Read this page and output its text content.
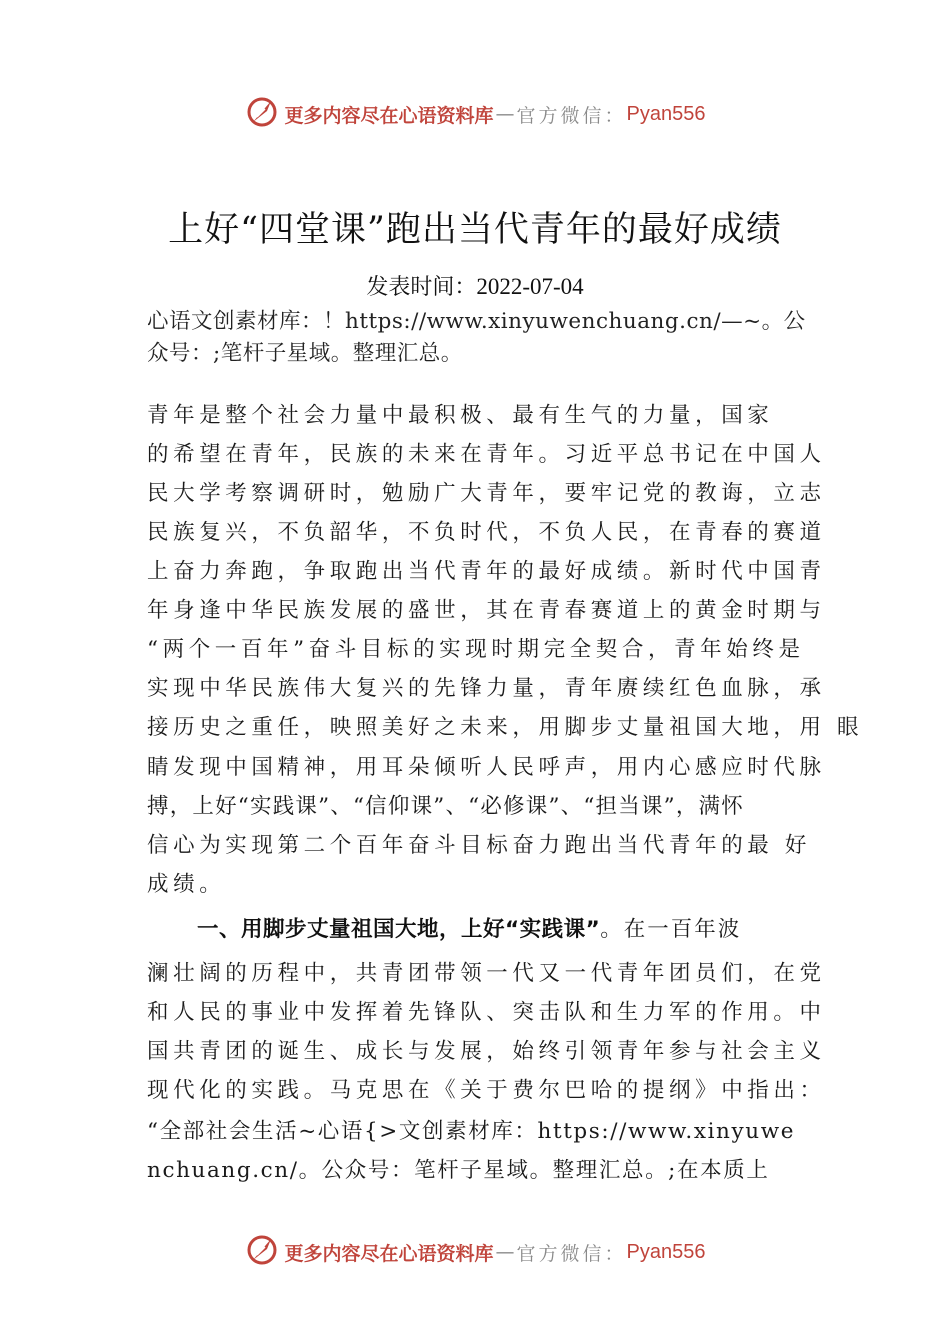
更多内容尽在心语资料库 — 官方微信： Pyan556
上好“四堂课”跑出当代青年的最好成绩
发表时间：2022-07-04
心语文创素材库：！https://www.xinyuwenchuang.cn/—~。公
众号：;笔杆子星域。整理汇总。
青年是整个社会力量中最积极、最有生气的力量，国家
的希望在青年，民族的未来在青年。习近平总书记在中国人
民大学考察调研时，勉励广大青年，要牢记党的教诲，立志
民族复兴，不负韶华，不负时代，不负人民，在青春的赛道
上奋力奔跑，争取跑出当代青年的最好成绩。新时代中国青
年身逢中华民族发展的盛世，其在青春赛道上的黄金时期与
“两个一百年”奋斗目标的实现时期完全契合，青年始终是
实现中华民族伟大复兴的先锋力量，青年赓续红色血脉，承
接历史之重任，映照美好之未来，用脚步丈量祖国大地，用 眼
睛发现中国精神，用耳朵倾听人民呼声，用内心感应时代脉
搏，上好“实践课”、“信仰课”、“必修课”、“担当课”，满怀
信心为实现第二个百年奋斗目标奋力跑出当代青年的最 好
成绩。
一、用脚步丈量祖国大地，上好“实践课”。在一百年波
澜壮阔的历程中，共青团带领一代又一代青年团员们，在党
和人民的事业中发挥着先锋队、突击队和生力军的作用。中
国共青团的诞生、成长与发展，始终引领青年参与社会主义
现代化的实践。马克思在《关于费尔巴哈的提纲》中指出：
“全部社会生活~心语{>文创素材库：https://www.xinyuwe
nchuang.cn/。公众号：笔杆子星域。整理汇总。;在本质上
更多内容尽在心语资料库 — 官方微信： Pyan556
